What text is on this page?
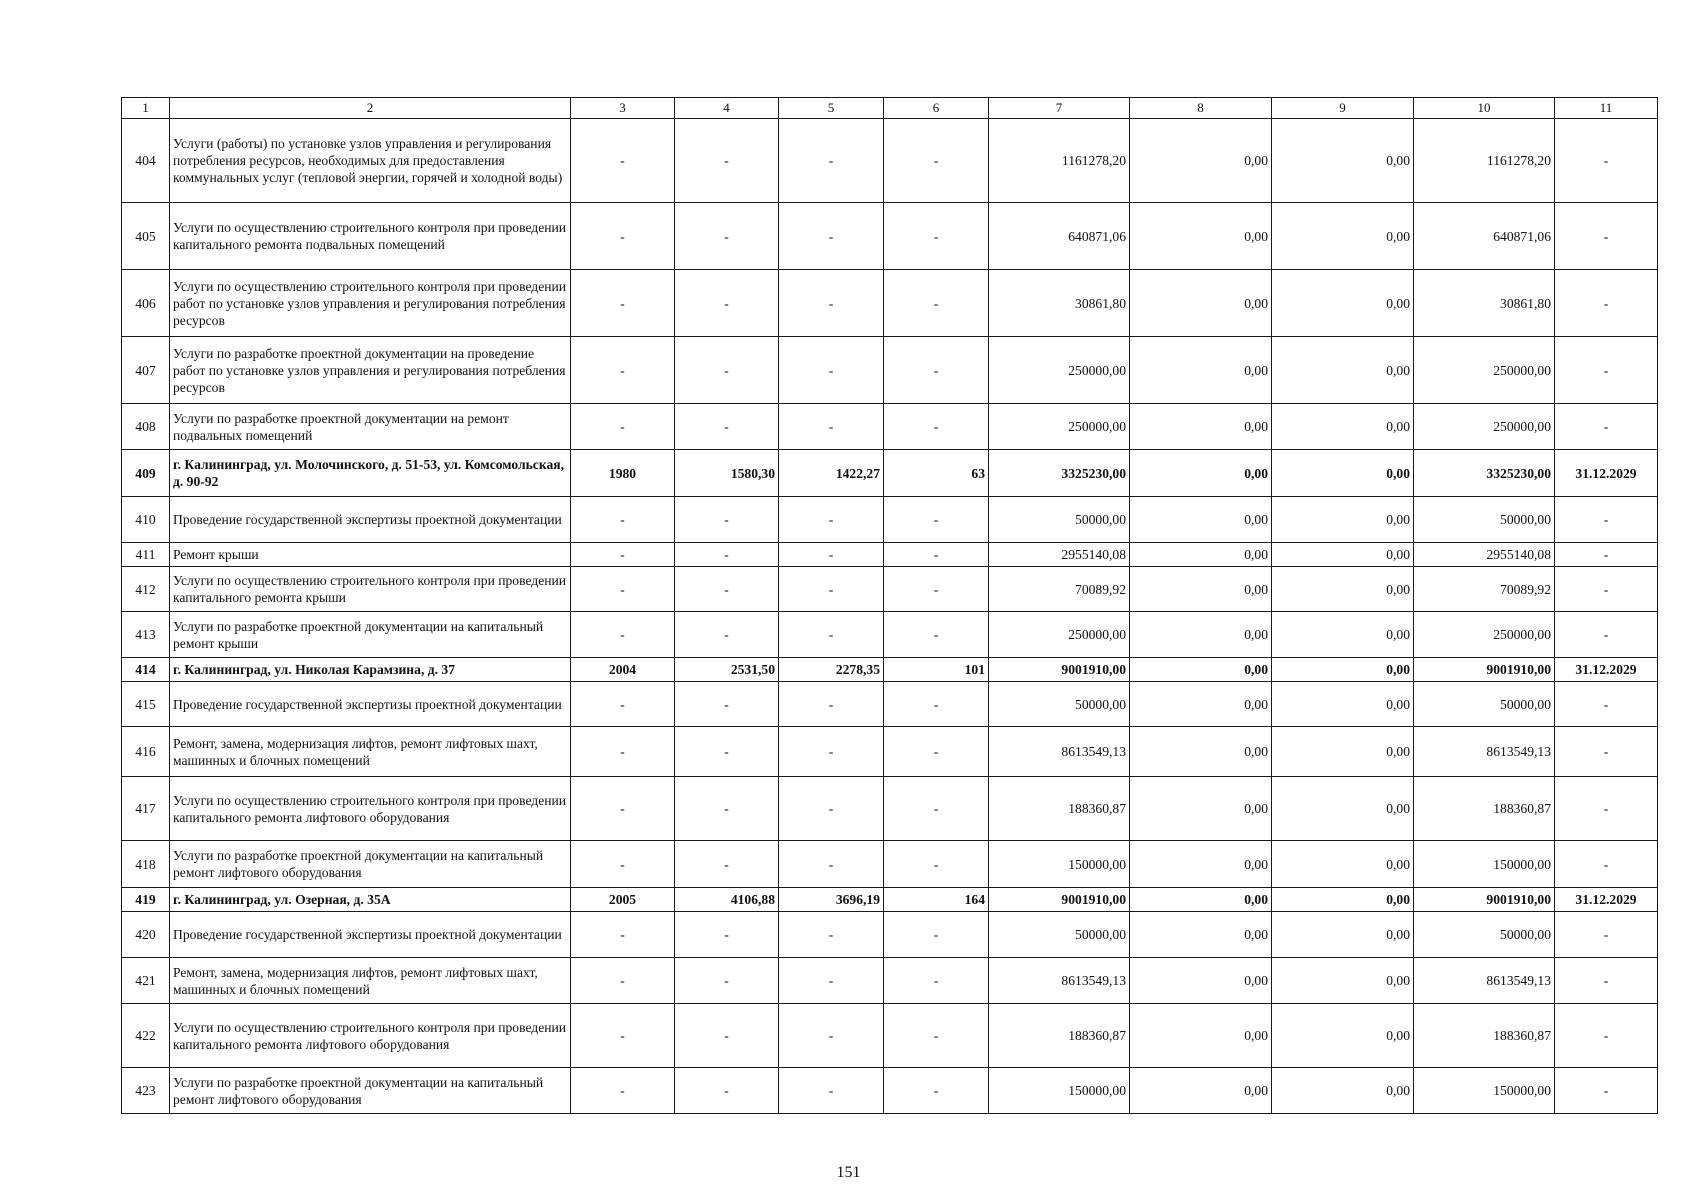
1	2	3	4	5	6	7	8	9	10	11
404	Услуги (работы) по установке узлов управления и регулирования потребления ресурсов, необходимых для предоставления коммунальных услуг (тепловой энергии, горячей и холодной воды)	-	-	-	-	1161278,20	0,00	0,00	1161278,20	-
405	Услуги по осуществлению строительного контроля при проведении капитального ремонта подвальных помещений	-	-	-	-	640871,06	0,00	0,00	640871,06	-
406	Услуги по осуществлению строительного контроля при проведении работ по установке узлов управления и регулирования потребления ресурсов	-	-	-	-	30861,80	0,00	0,00	30861,80	-
407	Услуги по разработке проектной документации на проведение работ по установке узлов управления и регулирования потребления ресурсов	-	-	-	-	250000,00	0,00	0,00	250000,00	-
408	Услуги по разработке проектной документации на ремонт подвальных помещений	-	-	-	-	250000,00	0,00	0,00	250000,00	-
409	г. Калининград, ул. Молочинского, д. 51-53, ул. Комсомольская, д. 90-92	1980	1580,30	1422,27	63	3325230,00	0,00	0,00	3325230,00	31.12.2029
410	Проведение государственной экспертизы проектной документации	-	-	-	-	50000,00	0,00	0,00	50000,00	-
411	Ремонт крыши	-	-	-	-	2955140,08	0,00	0,00	2955140,08	-
412	Услуги по осуществлению строительного контроля при проведении капитального ремонта крыши	-	-	-	-	70089,92	0,00	0,00	70089,92	-
413	Услуги по разработке проектной документации на капитальный ремонт крыши	-	-	-	-	250000,00	0,00	0,00	250000,00	-
414	г. Калининград, ул. Николая Карамзина, д. 37	2004	2531,50	2278,35	101	9001910,00	0,00	0,00	9001910,00	31.12.2029
415	Проведение государственной экспертизы проектной документации	-	-	-	-	50000,00	0,00	0,00	50000,00	-
416	Ремонт, замена, модернизация лифтов, ремонт лифтовых шахт, машинных и блочных помещений	-	-	-	-	8613549,13	0,00	0,00	8613549,13	-
417	Услуги по осуществлению строительного контроля при проведении капитального ремонта лифтового оборудования	-	-	-	-	188360,87	0,00	0,00	188360,87	-
418	Услуги по разработке проектной документации на капитальный ремонт лифтового оборудования	-	-	-	-	150000,00	0,00	0,00	150000,00	-
419	г. Калининград, ул. Озерная, д. 35А	2005	4106,88	3696,19	164	9001910,00	0,00	0,00	9001910,00	31.12.2029
420	Проведение государственной экспертизы проектной документации	-	-	-	-	50000,00	0,00	0,00	50000,00	-
421	Ремонт, замена, модернизация лифтов, ремонт лифтовых шахт, машинных и блочных помещений	-	-	-	-	8613549,13	0,00	0,00	8613549,13	-
422	Услуги по осуществлению строительного контроля при проведении капитального ремонта лифтового оборудования	-	-	-	-	188360,87	0,00	0,00	188360,87	-
423	Услуги по разработке проектной документации на капитальный ремонт лифтового оборудования	-	-	-	-	150000,00	0,00	0,00	150000,00	-
151
